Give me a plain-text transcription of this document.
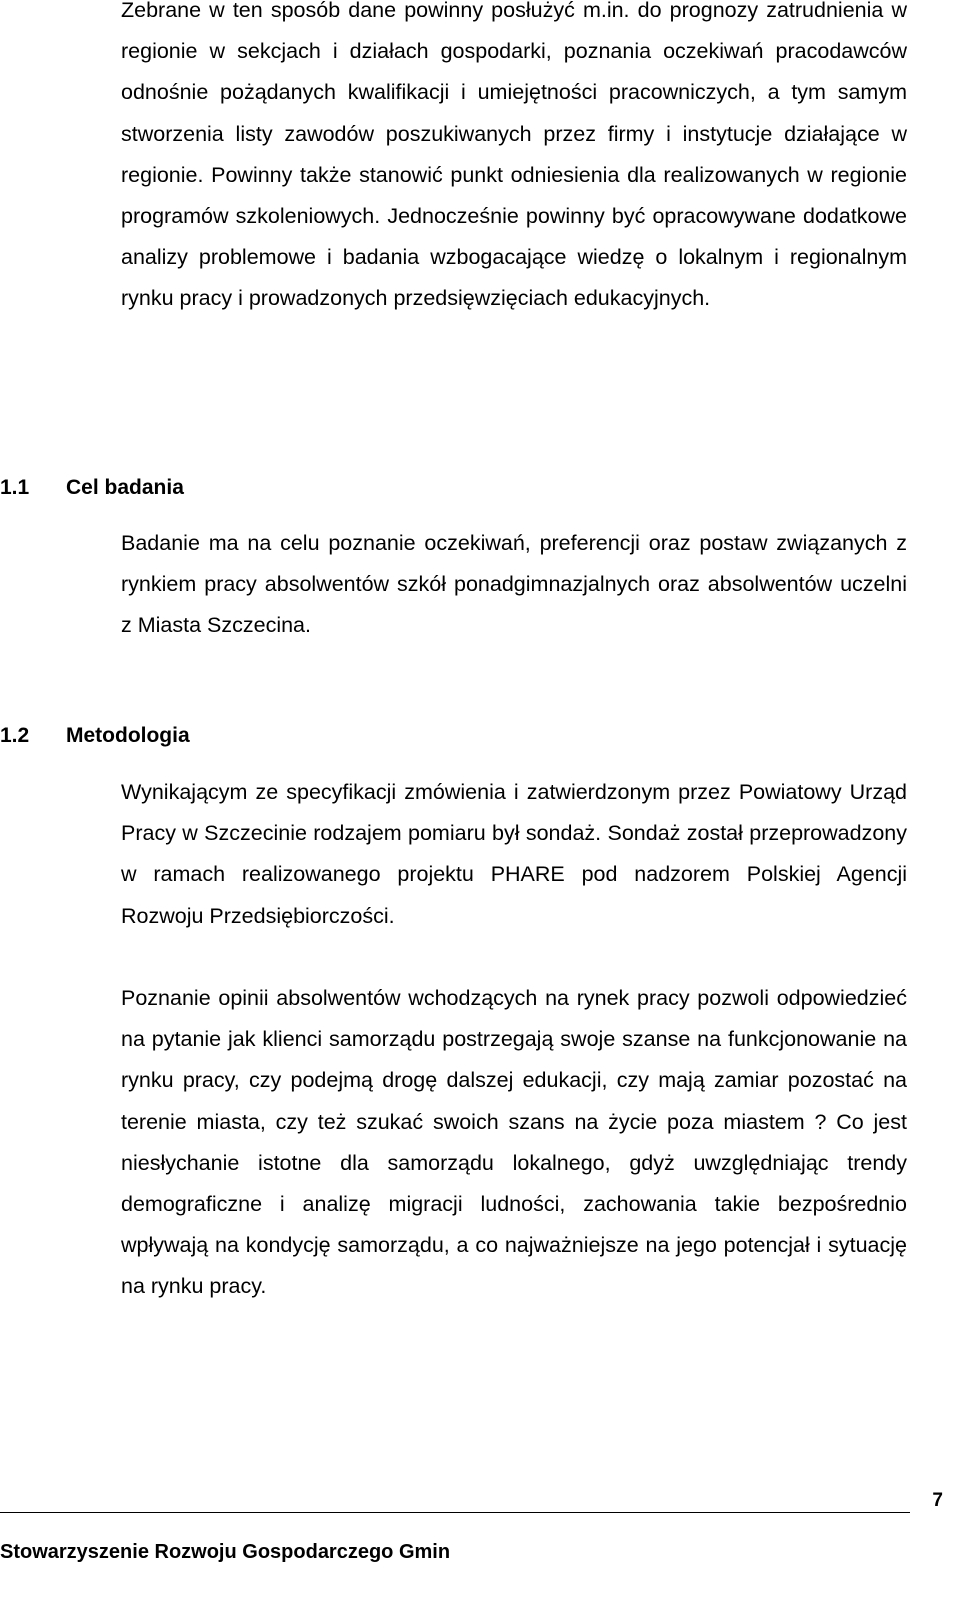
Zebrane w ten sposób dane powinny posłużyć m.in. do prognozy zatrudnienia w regionie w sekcjach i działach gospodarki, poznania oczekiwań pracodawców odnośnie pożądanych kwalifikacji i umiejętności pracowniczych, a tym samym stworzenia listy zawodów poszukiwanych przez firmy i instytucje działające w regionie. Powinny także stanowić punkt odniesienia dla realizowanych w regionie programów szkoleniowych. Jednocześnie powinny być opracowywane dodatkowe analizy problemowe i badania wzbogacające wiedzę o lokalnym i regionalnym rynku pracy i prowadzonych przedsięwzięciach edukacyjnych.

1.1	Cel badania

Badanie ma na celu poznanie oczekiwań, preferencji oraz postaw związanych z rynkiem pracy absolwentów szkół ponadgimnazjalnych oraz absolwentów uczelni z Miasta Szczecina.

1.2	Metodologia

Wynikającym ze specyfikacji zmówienia i zatwierdzonym przez Powiatowy Urząd Pracy w Szczecinie rodzajem pomiaru był sondaż. Sondaż został przeprowadzony w ramach realizowanego projektu PHARE pod nadzorem Polskiej Agencji Rozwoju Przedsiębiorczości.

Poznanie opinii absolwentów wchodzących na rynek pracy pozwoli odpowiedzieć na pytanie jak klienci samorządu postrzegają swoje szanse na funkcjonowanie na rynku pracy, czy podejmą drogę dalszej edukacji, czy mają zamiar pozostać na terenie miasta, czy też szukać swoich szans na życie poza miastem ? Co jest niesłychanie istotne dla samorządu lokalnego, gdyż uwzględniając trendy demograficzne i analizę migracji ludności, zachowania takie bezpośrednio wpływają na kondycję samorządu, a co najważniejsze na jego potencjał i sytuację na rynku pracy.

7

Stowarzyszenie Rozwoju Gospodarczego Gmin
